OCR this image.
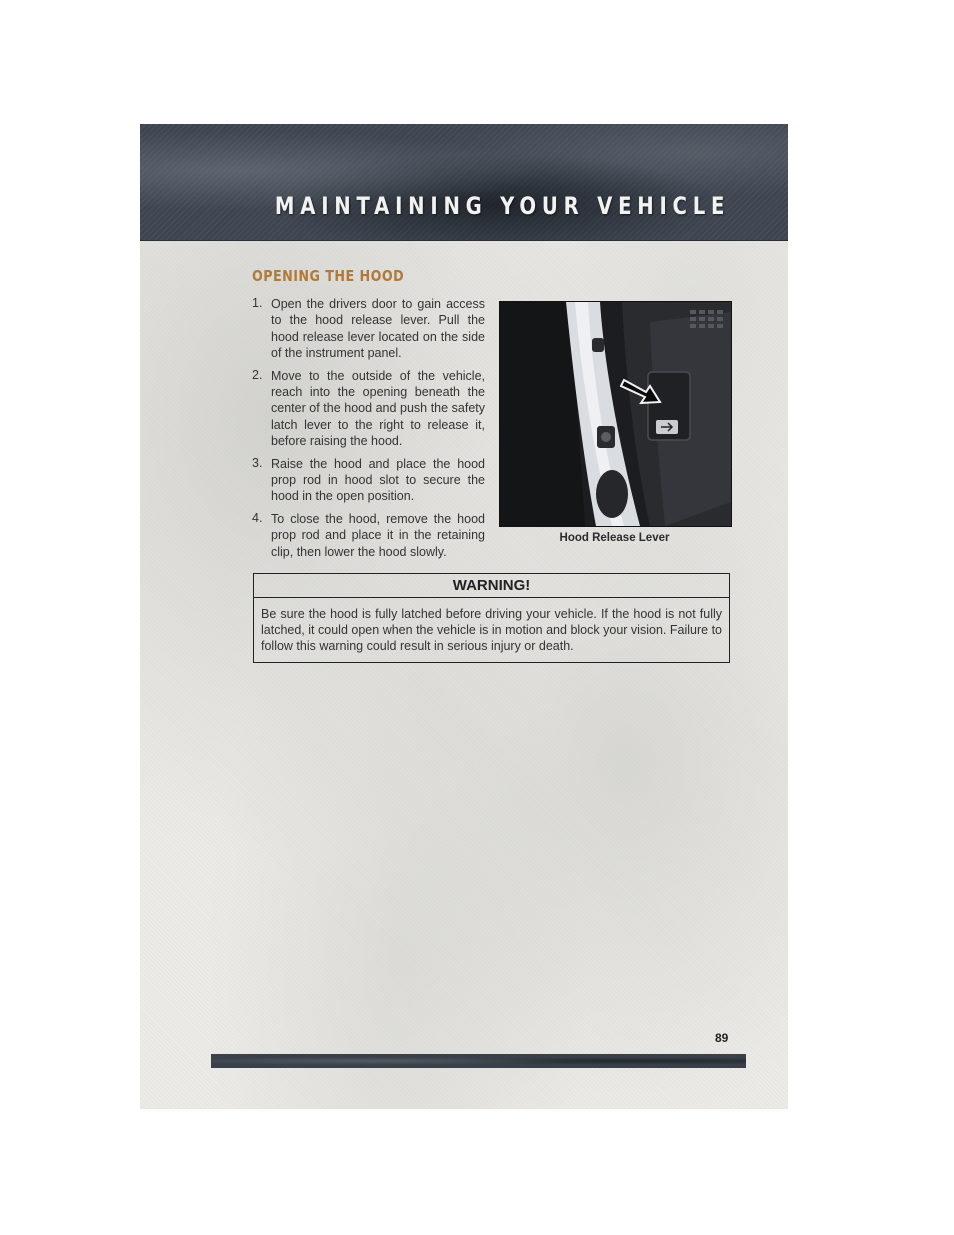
MAINTAINING YOUR VEHICLE
OPENING THE HOOD
1. Open the drivers door to gain access to the hood release lever. Pull the hood release lever located on the side of the instrument panel.
2. Move to the outside of the vehicle, reach into the opening beneath the center of the hood and push the safety latch lever to the right to release it, before raising the hood.
3. Raise the hood and place the hood prop rod in hood slot to secure the hood in the open position.
4. To close the hood, remove the hood prop rod and place it in the retaining clip, then lower the hood slowly.
Hood Release Lever
WARNING!
Be sure the hood is fully latched before driving your vehicle. If the hood is not fully latched, it could open when the vehicle is in motion and block your vision. Failure to follow this warning could result in serious injury or death.
89
